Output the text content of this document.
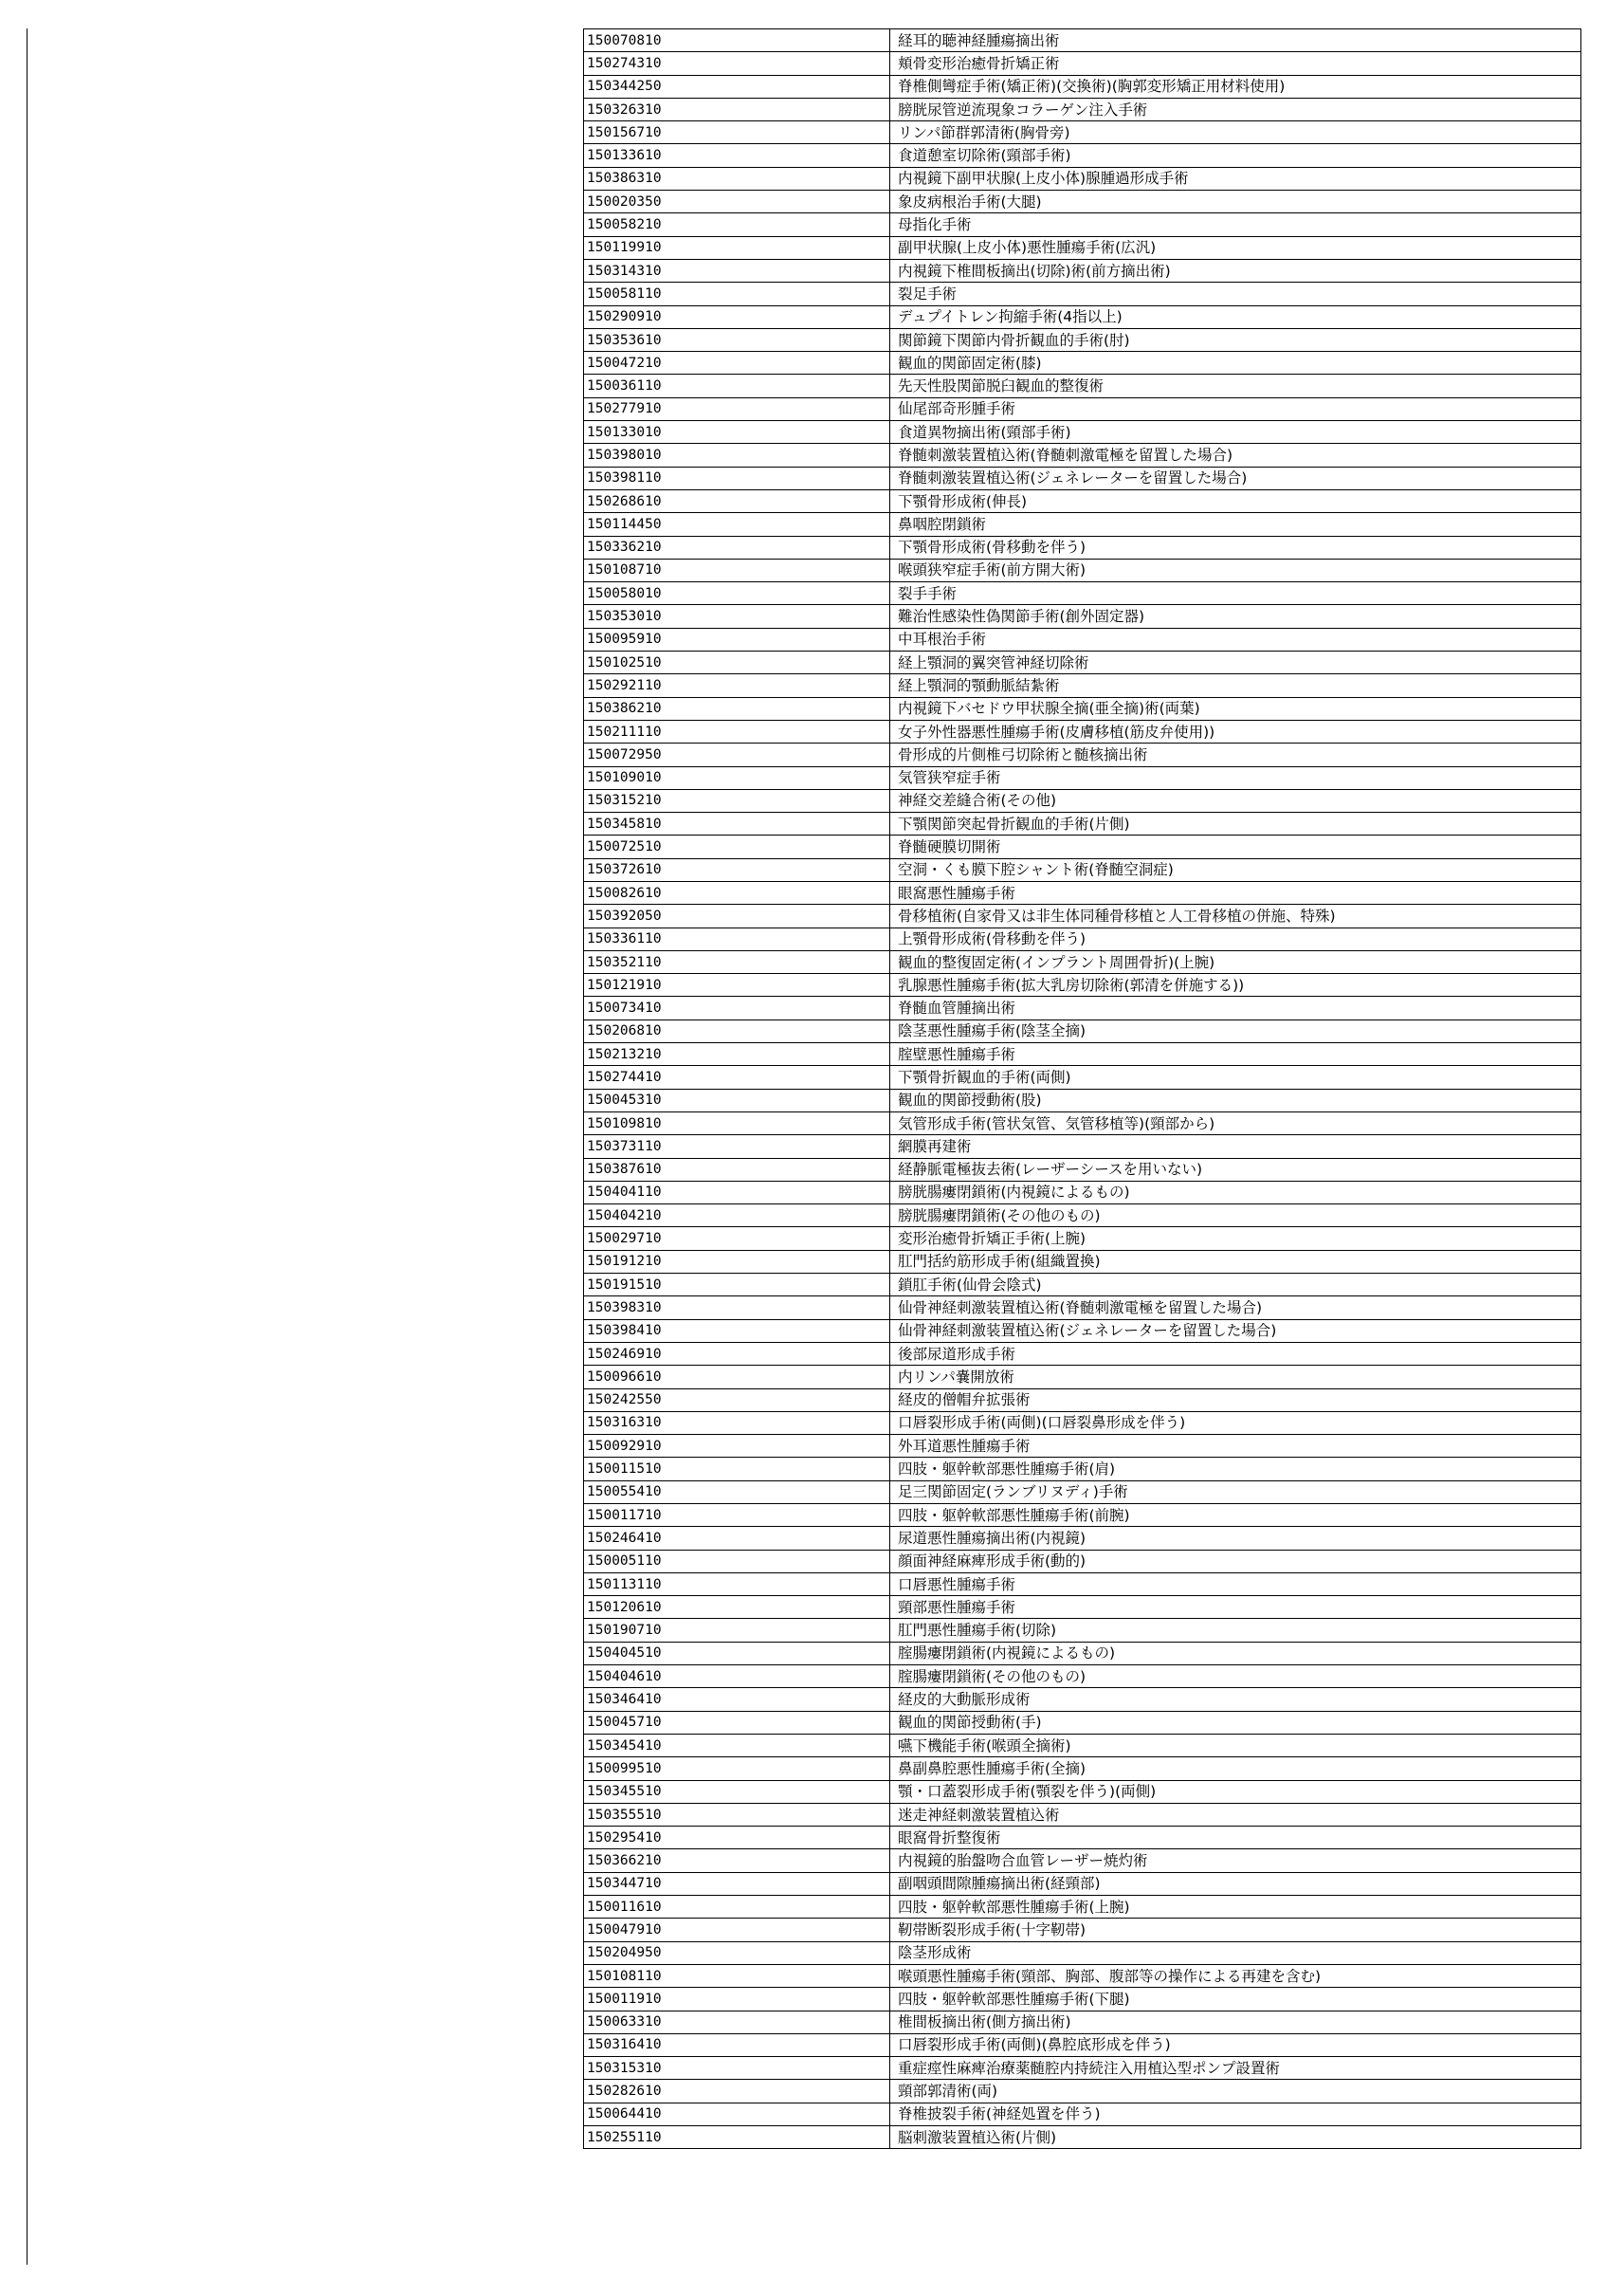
150070810	経耳的聴神経腫瘍摘出術
150274310	頬骨変形治癒骨折矯正術
150344250	脊椎側彎症手術(矯正術)(交換術)(胸郭変形矯正用材料使用)
150326310	膀胱尿管逆流現象コラーゲン注入手術
150156710	リンパ節群郭清術(胸骨旁)
150133610	食道憩室切除術(頸部手術)
150386310	内視鏡下副甲状腺(上皮小体)腺腫過形成手術
150020350	象皮病根治手術(大腿)
150058210	母指化手術
150119910	副甲状腺(上皮小体)悪性腫瘍手術(広汎)
150314310	内視鏡下椎間板摘出(切除)術(前方摘出術)
150058110	裂足手術
150290910	デュプイトレン拘縮手術(4指以上)
150353610	関節鏡下関節内骨折観血的手術(肘)
150047210	観血的関節固定術(膝)
150036110	先天性股関節脱臼観血的整復術
150277910	仙尾部奇形腫手術
150133010	食道異物摘出術(頸部手術)
150398010	脊髄刺激装置植込術(脊髄刺激電極を留置した場合)
150398110	脊髄刺激装置植込術(ジェネレーターを留置した場合)
150268610	下顎骨形成術(伸長)
150114450	鼻咽腔閉鎖術
150336210	下顎骨形成術(骨移動を伴う)
150108710	喉頭狭窄症手術(前方開大術)
150058010	裂手手術
150353010	難治性感染性偽関節手術(創外固定器)
150095910	中耳根治手術
150102510	経上顎洞的翼突管神経切除術
150292110	経上顎洞的顎動脈結紮術
150386210	内視鏡下バセドウ甲状腺全摘(亜全摘)術(両葉)
150211110	女子外性器悪性腫瘍手術(皮膚移植(筋皮弁使用))
150072950	骨形成的片側椎弓切除術と髄核摘出術
150109010	気管狭窄症手術
150315210	神経交差縫合術(その他)
150345810	下顎関節突起骨折観血的手術(片側)
150072510	脊髄硬膜切開術
150372610	空洞・くも膜下腔シャント術(脊髄空洞症)
150082610	眼窩悪性腫瘍手術
150392050	骨移植術(自家骨又は非生体同種骨移植と人工骨移植の併施、特殊)
150336110	上顎骨形成術(骨移動を伴う)
150352110	観血的整復固定術(インプラント周囲骨折)(上腕)
150121910	乳腺悪性腫瘍手術(拡大乳房切除術(郭清を併施する))
150073410	脊髄血管腫摘出術
150206810	陰茎悪性腫瘍手術(陰茎全摘)
150213210	腟壁悪性腫瘍手術
150274410	下顎骨折観血的手術(両側)
150045310	観血的関節授動術(股)
150109810	気管形成手術(管状気管、気管移植等)(頸部から)
150373110	網膜再建術
150387610	経静脈電極抜去術(レーザーシースを用いない)
150404110	膀胱腸瘻閉鎖術(内視鏡によるもの)
150404210	膀胱腸瘻閉鎖術(その他のもの)
150029710	変形治癒骨折矯正手術(上腕)
150191210	肛門括約筋形成手術(組織置換)
150191510	鎖肛手術(仙骨会陰式)
150398310	仙骨神経刺激装置植込術(脊髄刺激電極を留置した場合)
150398410	仙骨神経刺激装置植込術(ジェネレーターを留置した場合)
150246910	後部尿道形成手術
150096610	内リンパ嚢開放術
150242550	経皮的僧帽弁拡張術
150316310	口唇裂形成手術(両側)(口唇裂鼻形成を伴う)
150092910	外耳道悪性腫瘍手術
150011510	四肢・躯幹軟部悪性腫瘍手術(肩)
150055410	足三関節固定(ランブリヌディ)手術
150011710	四肢・躯幹軟部悪性腫瘍手術(前腕)
150246410	尿道悪性腫瘍摘出術(内視鏡)
150005110	顔面神経麻痺形成手術(動的)
150113110	口唇悪性腫瘍手術
150120610	頸部悪性腫瘍手術
150190710	肛門悪性腫瘍手術(切除)
150404510	腟腸瘻閉鎖術(内視鏡によるもの)
150404610	腟腸瘻閉鎖術(その他のもの)
150346410	経皮的大動脈形成術
150045710	観血的関節授動術(手)
150345410	嚥下機能手術(喉頭全摘術)
150099510	鼻副鼻腔悪性腫瘍手術(全摘)
150345510	顎・口蓋裂形成手術(顎裂を伴う)(両側)
150355510	迷走神経刺激装置植込術
150295410	眼窩骨折整復術
150366210	内視鏡的胎盤吻合血管レーザー焼灼術
150344710	副咽頭間隙腫瘍摘出術(経頸部)
150011610	四肢・躯幹軟部悪性腫瘍手術(上腕)
150047910	靭帯断裂形成手術(十字靭帯)
150204950	陰茎形成術
150108110	喉頭悪性腫瘍手術(頸部、胸部、腹部等の操作による再建を含む)
150011910	四肢・躯幹軟部悪性腫瘍手術(下腿)
150063310	椎間板摘出術(側方摘出術)
150316410	口唇裂形成手術(両側)(鼻腔底形成を伴う)
150315310	重症痙性麻痺治療薬髄腔内持続注入用植込型ポンプ設置術
150282610	頸部郭清術(両)
150064410	脊椎披裂手術(神経処置を伴う)
150255110	脳刺激装置植込術(片側)
